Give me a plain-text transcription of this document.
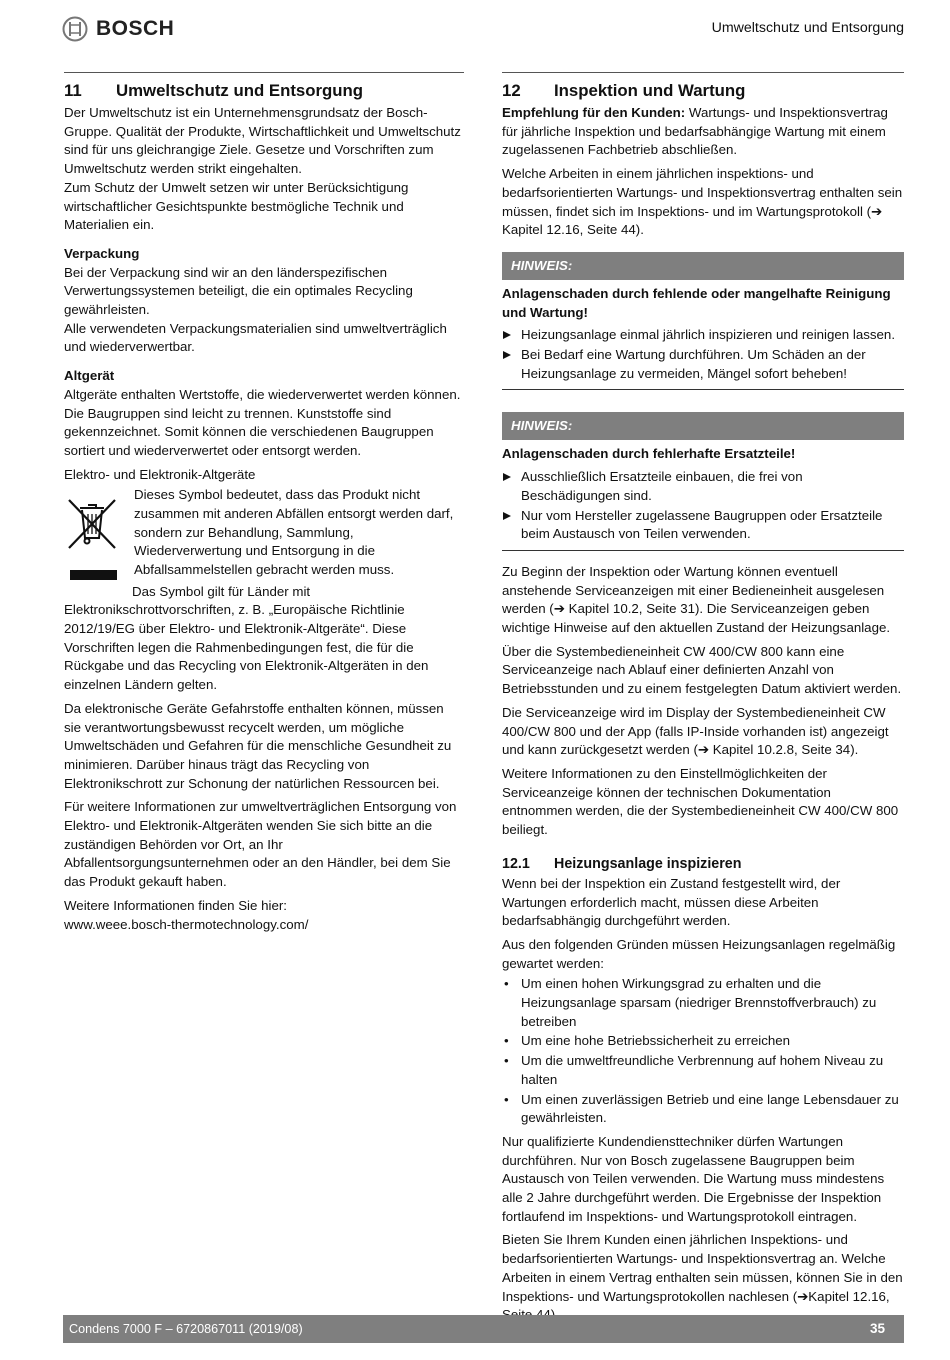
BOSCH	Umweltschutz und Entsorgung
11	Umweltschutz und Entsorgung

Der Umweltschutz ist ein Unternehmensgrundsatz der Bosch-Gruppe. Qualität der Produkte, Wirtschaftlichkeit und Umweltschutz sind für uns gleichrangige Ziele. Gesetze und Vorschriften zum Umweltschutz werden strikt eingehalten.

Zum Schutz der Umwelt setzen wir unter Berücksichtigung wirtschaftlicher Gesichtspunkte bestmögliche Technik und Materialien ein.

Verpackung

Bei der Verpackung sind wir an den länderspezifischen Verwertungssystemen beteiligt, die ein optimales Recycling gewährleisten.

Alle verwendeten Verpackungsmaterialien sind umweltverträglich und wiederverwertbar.

Altgerät

Altgeräte enthalten Wertstoffe, die wiederverwertet werden können. Die Baugruppen sind leicht zu trennen. Kunststoffe sind gekennzeichnet. Somit können die verschiedenen Baugruppen sortiert und wiederverwertet oder entsorgt werden.

Elektro- und Elektronik-Altgeräte

Dieses Symbol bedeutet, dass das Produkt nicht zusammen mit anderen Abfällen entsorgt werden darf, sondern zur Behandlung, Sammlung, Wiederverwertung und Entsorgung in die Abfallsammelstellen gebracht werden muss.

Das Symbol gilt für Länder mit Elektronikschrottvorschriften, z. B. „Europäische Richtlinie 2012/19/EG über Elektro- und Elektronik-Altgeräte“. Diese Vorschriften legen die Rahmenbedingungen fest, die für die Rückgabe und das Recycling von Elektronik-Altgeräten in den einzelnen Ländern gelten.

Da elektronische Geräte Gefahrstoffe enthalten können, müssen sie verantwortungsbewusst recycelt werden, um mögliche Umweltschäden und Gefahren für die menschliche Gesundheit zu minimieren. Darüber hinaus trägt das Recycling von Elektronikschrott zur Schonung der natürlichen Ressourcen bei.

Für weitere Informationen zur umweltverträglichen Entsorgung von Elektro- und Elektronik-Altgeräten wenden Sie sich bitte an die zuständigen Behörden vor Ort, an Ihr Abfallentsorgungsunternehmen oder an den Händler, bei dem Sie das Produkt gekauft haben.

Weitere Informationen finden Sie hier:

www.weee.bosch-thermotechnology.com/

12	Inspektion und Wartung

Empfehlung für den Kunden: Wartungs- und Inspektionsvertrag für jährliche Inspektion und bedarfsabhängige Wartung mit einem zugelassenen Fachbetrieb abschließen.

Welche Arbeiten in einem jährlichen inspektions- und bedarfsorientierten Wartungs- und Inspektionsvertrag enthalten sein müssen, findet sich im Inspektions- und im Wartungsprotokoll (➔ Kapitel 12.16, Seite 44).

HINWEIS:
Anlagenschaden durch fehlende oder mangelhafte Reinigung und Wartung!
Heizungsanlage einmal jährlich inspizieren und reinigen lassen.
Bei Bedarf eine Wartung durchführen. Um Schäden an der Heizungsanlage zu vermeiden, Mängel sofort beheben!
HINWEIS:
Anlagenschaden durch fehlerhafte Ersatzteile!
Ausschließlich Ersatzteile einbauen, die frei von Beschädigungen sind.
Nur vom Hersteller zugelassene Baugruppen oder Ersatzteile beim Austausch von Teilen verwenden.

Zu Beginn der Inspektion oder Wartung können eventuell anstehende Serviceanzeigen mit einer Bedieneinheit ausgelesen werden (➔ Kapitel 10.2, Seite 31). Die Serviceanzeigen geben wichtige Hinweise auf den aktuellen Zustand der Heizungsanlage.

Über die Systembedieneinheit CW 400/CW 800 kann eine Serviceanzeige nach Ablauf einer definierten Anzahl von Betriebsstunden und zu einem festgelegten Datum aktiviert werden.

Die Serviceanzeige wird im Display der Systembedieneinheit CW 400/CW 800 und der App (falls IP-Inside vorhanden ist) angezeigt und kann zurückgesetzt werden (➔ Kapitel 10.2.8, Seite 34).

Weitere Informationen zu den Einstellmöglichkeiten der Serviceanzeige können der technischen Dokumentation entnommen werden, die der Systembedieneinheit CW 400/CW 800 beiliegt.

12.1	Heizungsanlage inspizieren

Wenn bei der Inspektion ein Zustand festgestellt wird, der Wartungen erforderlich macht, müssen diese Arbeiten bedarfsabhängig durchgeführt werden.

Aus den folgenden Gründen müssen Heizungsanlagen regelmäßig gewartet werden:

• Um einen hohen Wirkungsgrad zu erhalten und die Heizungsanlage sparsam (niedriger Brennstoffverbrauch) zu betreiben
• Um eine hohe Betriebssicherheit zu erreichen
• Um die umweltfreundliche Verbrennung auf hohem Niveau zu halten
• Um einen zuverlässigen Betrieb und eine lange Lebensdauer zu gewährleisten.

Nur qualifizierte Kundendiensttechniker dürfen Wartungen durchführen. Nur von Bosch zugelassene Baugruppen beim Austausch von Teilen verwenden. Die Wartung muss mindestens alle 2 Jahre durchgeführt werden. Die Ergebnisse der Inspektion fortlaufend im Inspektions- und Wartungsprotokoll eintragen.

Bieten Sie Ihrem Kunden einen jährlichen Inspektions- und bedarfsorientierten Wartungs- und Inspektionsvertrag an. Welche Arbeiten in einem Vertrag enthalten sein müssen, können Sie in den Inspektions- und Wartungsprotokollen nachlesen (➔Kapitel 12.16,

Condens 7000 F – 6720867011 (2019/08)	35
